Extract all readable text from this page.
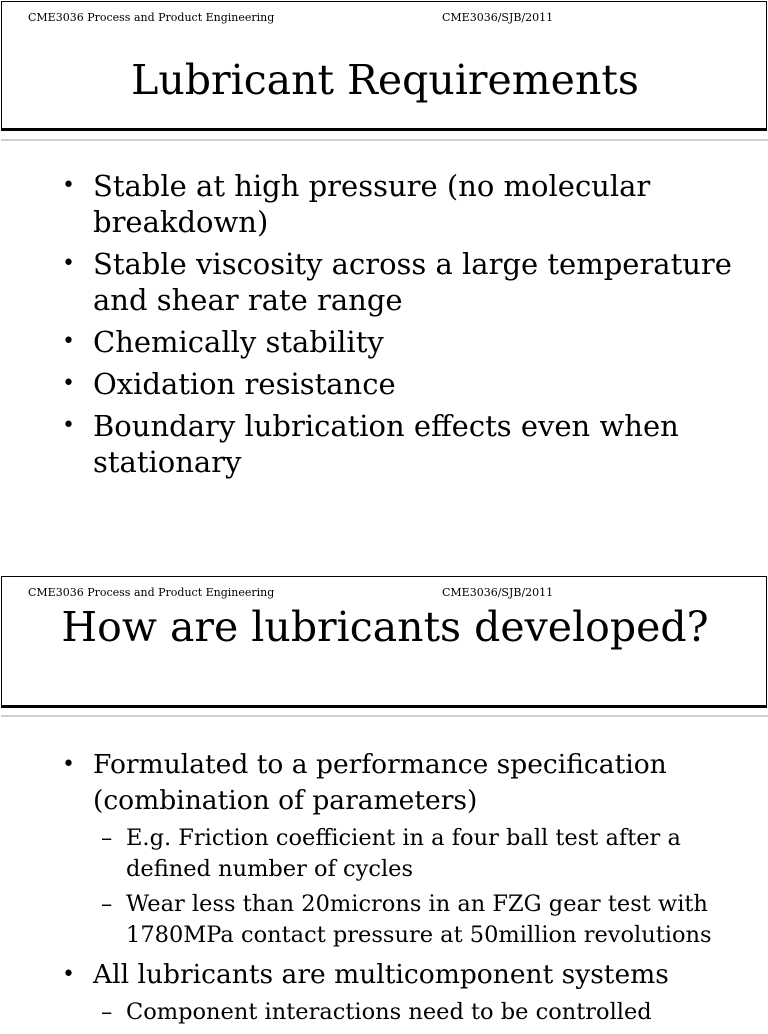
CME3036 Process and Product Engineering	CME3036/SJB/2011
Lubricant Requirements
• Stable at high pressure (no molecular breakdown)
• Stable viscosity across a large temperature and shear rate range
• Chemically stability
• Oxidation resistance
• Boundary lubrication effects even when stationary
CME3036 Process and Product Engineering	CME3036/SJB/2011
How are lubricants developed?
• Formulated to a performance specification (combination of parameters)
– E.g. Friction coefficient in a four ball test after a defined number of cycles
– Wear less than 20microns in an FZG gear test with 1780MPa contact pressure at 50million revolutions
• All lubricants are multicomponent systems
– Component interactions need to be controlled
